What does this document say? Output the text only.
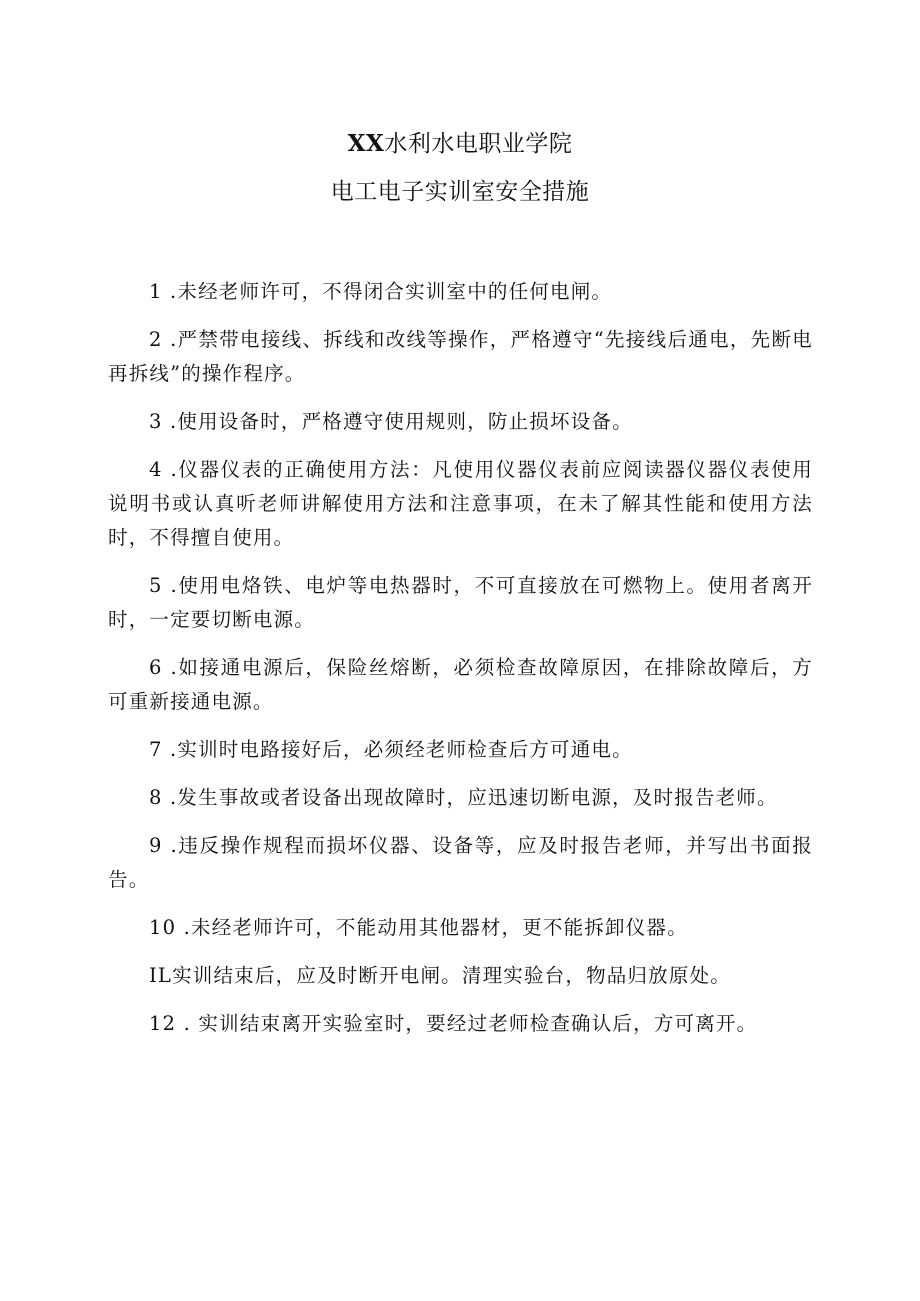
XX水利水电职业学院

电工电子实训室安全措施

1 .未经老师许可，不得闭合实训室中的任何电闸。

2 .严禁带电接线、拆线和改线等操作，严格遵守“先接线后通电，先断电再拆线”的操作程序。

3 .使用设备时，严格遵守使用规则，防止损坏设备。

4 .仪器仪表的正确使用方法：凡使用仪器仪表前应阅读器仪器仪表使用说明书或认真听老师讲解使用方法和注意事项，在未了解其性能和使用方法时，不得擅自使用。

5 .使用电烙铁、电炉等电热器时，不可直接放在可燃物上。使用者离开时，一定要切断电源。

6 .如接通电源后，保险丝熔断，必须检查故障原因，在排除故障后，方可重新接通电源。

7 .实训时电路接好后，必须经老师检查后方可通电。

8 .发生事故或者设备出现故障时，应迅速切断电源，及时报告老师。

9 .违反操作规程而损坏仪器、设备等，应及时报告老师，并写出书面报告。

10 .未经老师许可，不能动用其他器材，更不能拆卸仪器。

IL实训结束后，应及时断开电闸。清理实验台，物品归放原处。

12 . 实训结束离开实验室时，要经过老师检查确认后，方可离开。
